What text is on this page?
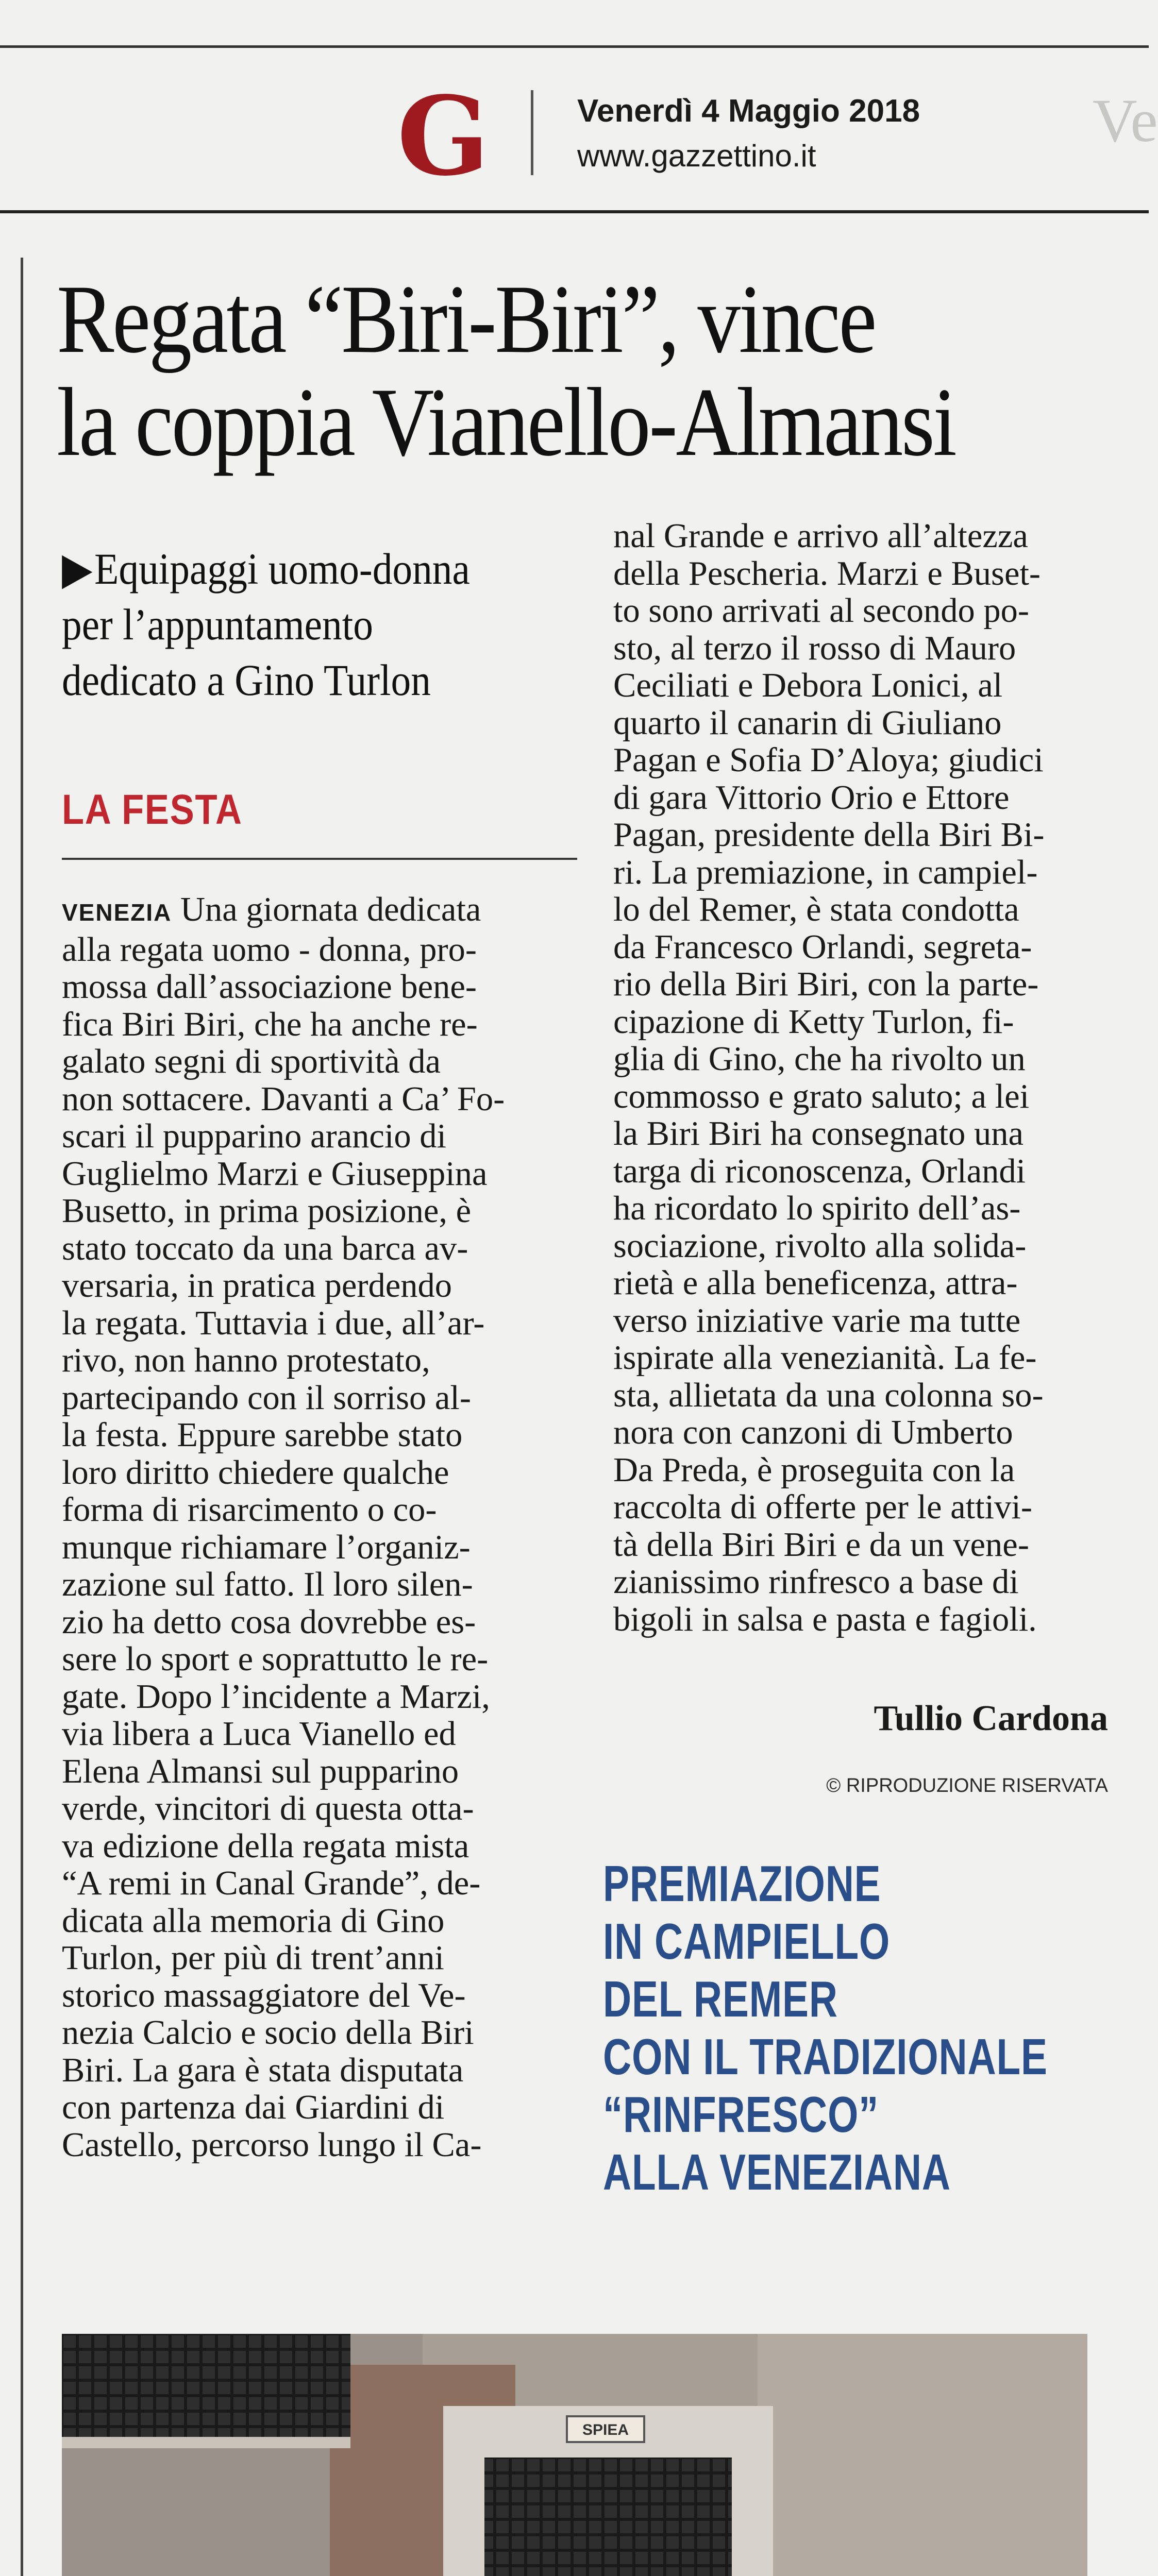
G	Venerdì 4 Maggio 2018
www.gazzettino.it
Ve
Regata “Biri-Biri”, vince
la coppia Vianello-Almansi
▶Equipaggi uomo-donna
per l’appuntamento
dedicato a Gino Turlon
LA FESTA
VENEZIA Una giornata dedicata
alla regata uomo - donna, pro-
mossa dall’associazione bene-
fica Biri Biri, che ha anche re-
galato segni di sportività da
non sottacere. Davanti a Ca’ Fo-
scari il pupparino arancio di
Guglielmo Marzi e Giuseppina
Busetto, in prima posizione, è
stato toccato da una barca av-
versaria, in pratica perdendo
la regata. Tuttavia i due, all’ar-
rivo, non hanno protestato,
partecipando con il sorriso al-
la festa. Eppure sarebbe stato
loro diritto chiedere qualche
forma di risarcimento o co-
munque richiamare l’organiz-
zazione sul fatto. Il loro silen-
zio ha detto cosa dovrebbe es-
sere lo sport e soprattutto le re-
gate. Dopo l’incidente a Marzi,
via libera a Luca Vianello ed
Elena Almansi sul pupparino
verde, vincitori di questa otta-
va edizione della regata mista
“A remi in Canal Grande”, de-
dicata alla memoria di Gino
Turlon, per più di trent’anni
storico massaggiatore del Ve-
nezia Calcio e socio della Biri
Biri. La gara è stata disputata
con partenza dai Giardini di
Castello, percorso lungo il Ca-
nal Grande e arrivo all’altezza
della Pescheria. Marzi e Buset-
to sono arrivati al secondo po-
sto, al terzo il rosso di Mauro
Ceciliati e Debora Lonici, al
quarto il canarin di Giuliano
Pagan e Sofia D’Aloya; giudici
di gara Vittorio Orio e Ettore
Pagan, presidente della Biri Bi-
ri. La premiazione, in campiel-
lo del Remer, è stata condotta
da Francesco Orlandi, segreta-
rio della Biri Biri, con la parte-
cipazione di Ketty Turlon, fi-
glia di Gino, che ha rivolto un
commosso e grato saluto; a lei
la Biri Biri ha consegnato una
targa di riconoscenza, Orlandi
ha ricordato lo spirito dell’as-
sociazione, rivolto alla solida-
rietà e alla beneficenza, attra-
verso iniziative varie ma tutte
ispirate alla venezianità. La fe-
sta, allietata da una colonna so-
nora con canzoni di Umberto
Da Preda, è proseguita con la
raccolta di offerte per le attivi-
tà della Biri Biri e da un vene-
zianissimo rinfresco a base di
bigoli in salsa e pasta e fagioli.
Tullio Cardona
© RIPRODUZIONE RISERVATA
PREMIAZIONE
IN CAMPIELLO
DEL REMER
CON IL TRADIZIONALE
“RINFRESCO”
ALLA VENEZIANA
SPIEA
